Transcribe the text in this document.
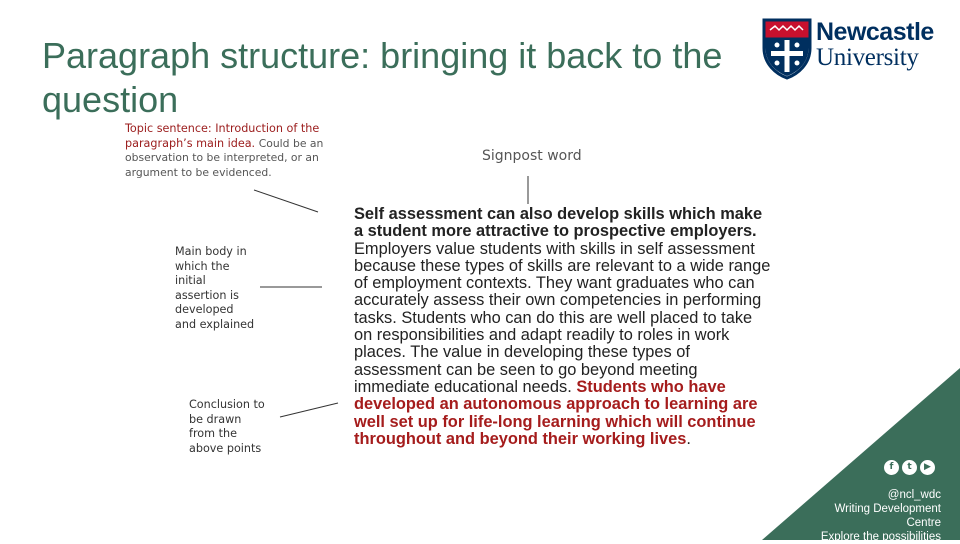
Paragraph structure: bringing it back to the question
Newcastle
University
Topic sentence: Introduction of the paragraph’s main idea. Could be an observation to be interpreted, or an argument to be evidenced.
Signpost word
Main body in which the initial assertion is developed and explained
Conclusion to be drawn from the above points
Self assessment can also develop skills which make a student more attractive to prospective employers. Employers value students with skills in self assessment because these types of skills are relevant to a wide range of employment contexts. They want graduates who can accurately assess their own competencies in performing tasks. Students who can do this are well placed to take on responsibilities and adapt readily to roles in work places. The value in developing these types of assessment can be seen to go beyond meeting immediate educational needs. Students who have developed an autonomous approach to learning are well set up for life-long learning which will continue throughout and beyond their working lives.
f	t	▶
@ncl_wdc
Writing Development
Centre
Explore the possibilities
